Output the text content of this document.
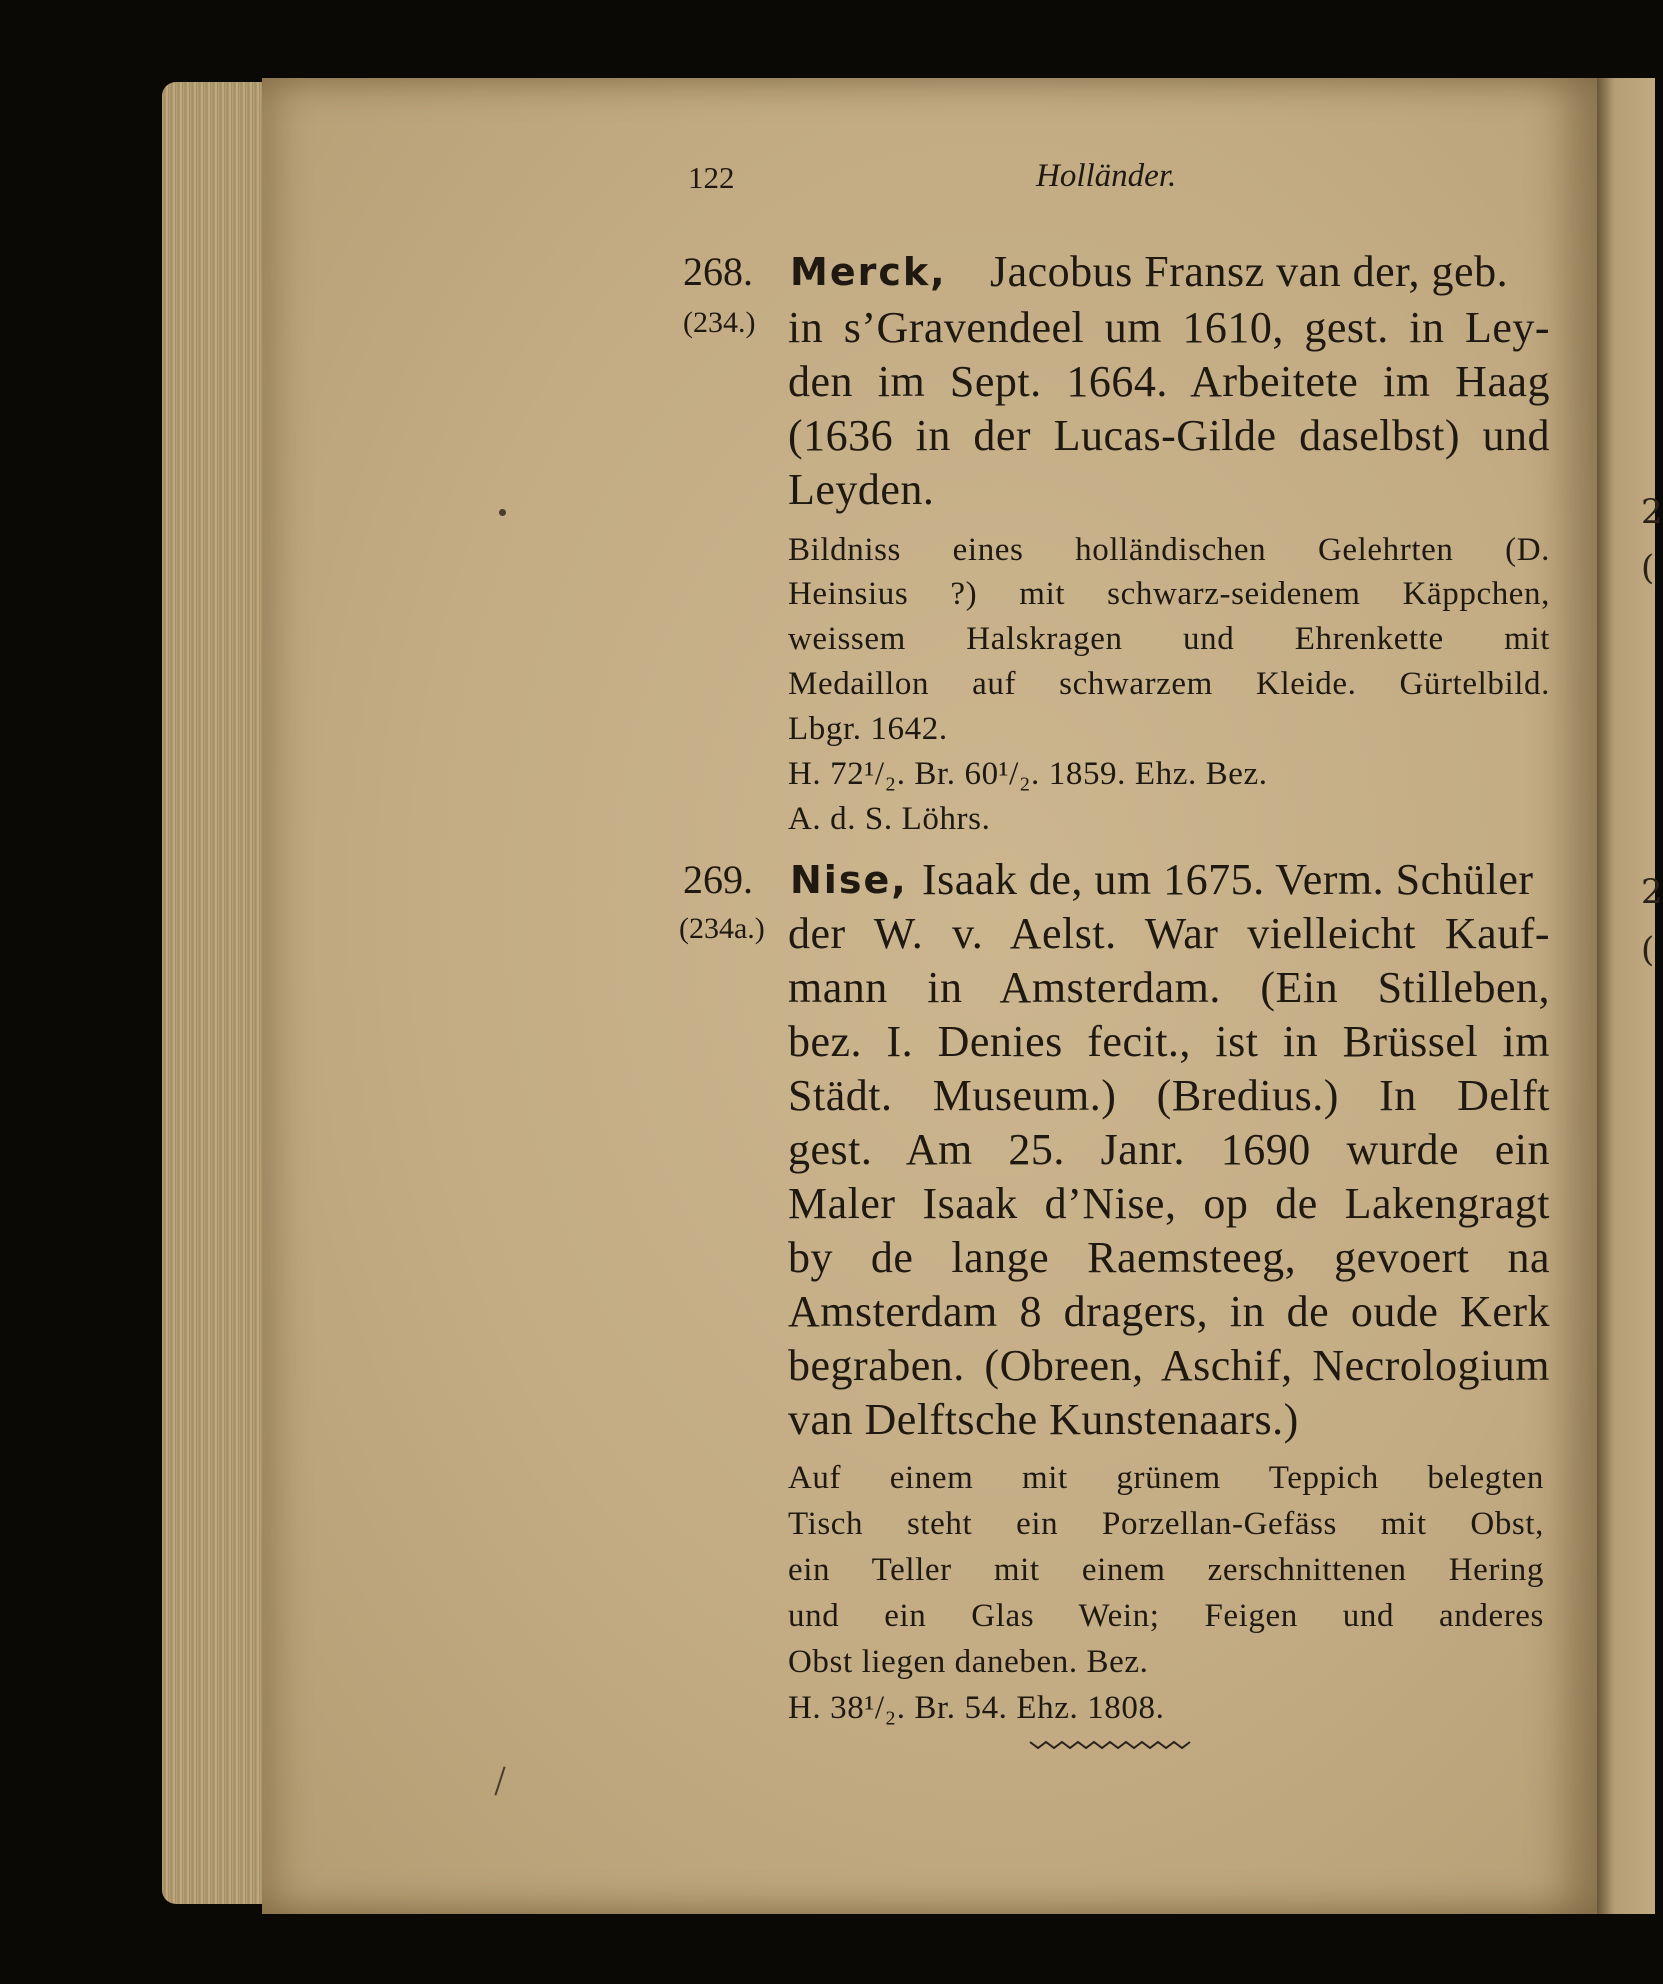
2
(
2
(
122	Holländer.
268.
(234.)
Merck, Jacobus Fransz van der, geb.
in s’Gravendeel um 1610, gest. in Ley-
den im Sept. 1664. Arbeitete im Haag
(1636 in der Lucas-Gilde daselbst) und
Leyden.
Bildniss eines holländischen Gelehrten (D.
Heinsius ?) mit schwarz-seidenem Käppchen,
weissem Halskragen und Ehrenkette mit
Medaillon auf schwarzem Kleide. Gürtelbild.
Lbgr. 1642.
H. 72¹/₂. Br. 60¹/₂. 1859. Ehz. Bez.
A. d. S. Löhrs.
269.
(234a.)
Nise, Isaak de, um 1675. Verm. Schüler
der W. v. Aelst. War vielleicht Kauf-
mann in Amsterdam. (Ein Stilleben,
bez. I. Denies fecit., ist in Brüssel im
Städt. Museum.) (Bredius.) In Delft
gest. Am 25. Janr. 1690 wurde ein
Maler Isaak d’Nise, op de Lakengragt
by de lange Raemsteeg, gevoert na
Amsterdam 8 dragers, in de oude Kerk
begraben. (Obreen, Aschif, Necrologium
van Delftsche Kunstenaars.)
Auf einem mit grünem Teppich belegten
Tisch steht ein Porzellan-Gefäss mit Obst,
ein Teller mit einem zerschnittenen Hering
und ein Glas Wein; Feigen und anderes
Obst liegen daneben. Bez.
H. 38¹/₂. Br. 54. Ehz. 1808.
